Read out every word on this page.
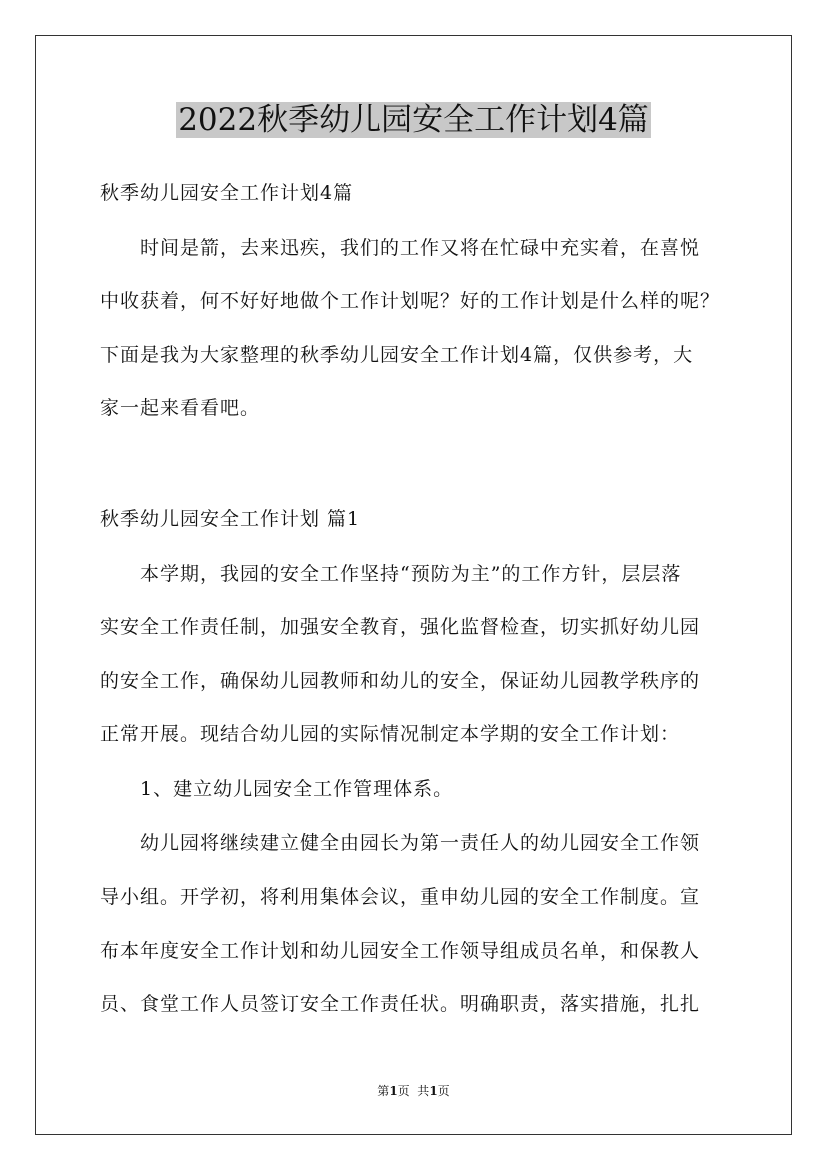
2022秋季幼儿园安全工作计划4篇

秋季幼儿园安全工作计划4篇

时间是箭，去来迅疾，我们的工作又将在忙碌中充实着，在喜悦

中收获着，何不好好地做个工作计划呢？好的工作计划是什么样的呢？

下面是我为大家整理的秋季幼儿园安全工作计划4篇，仅供参考，大

家一起来看看吧。

秋季幼儿园安全工作计划 篇1

本学期，我园的安全工作坚持“预防为主”的工作方针，层层落

实安全工作责任制，加强安全教育，强化监督检查，切实抓好幼儿园

的安全工作，确保幼儿园教师和幼儿的安全，保证幼儿园教学秩序的

正常开展。现结合幼儿园的实际情况制定本学期的安全工作计划：

1、建立幼儿园安全工作管理体系。

幼儿园将继续建立健全由园长为第一责任人的幼儿园安全工作领

导小组。开学初，将利用集体会议，重申幼儿园的安全工作制度。宣

布本年度安全工作计划和幼儿园安全工作领导组成员名单，和保教人

员、食堂工作人员签订安全工作责任状。明确职责，落实措施，扎扎

第1页  共1页
